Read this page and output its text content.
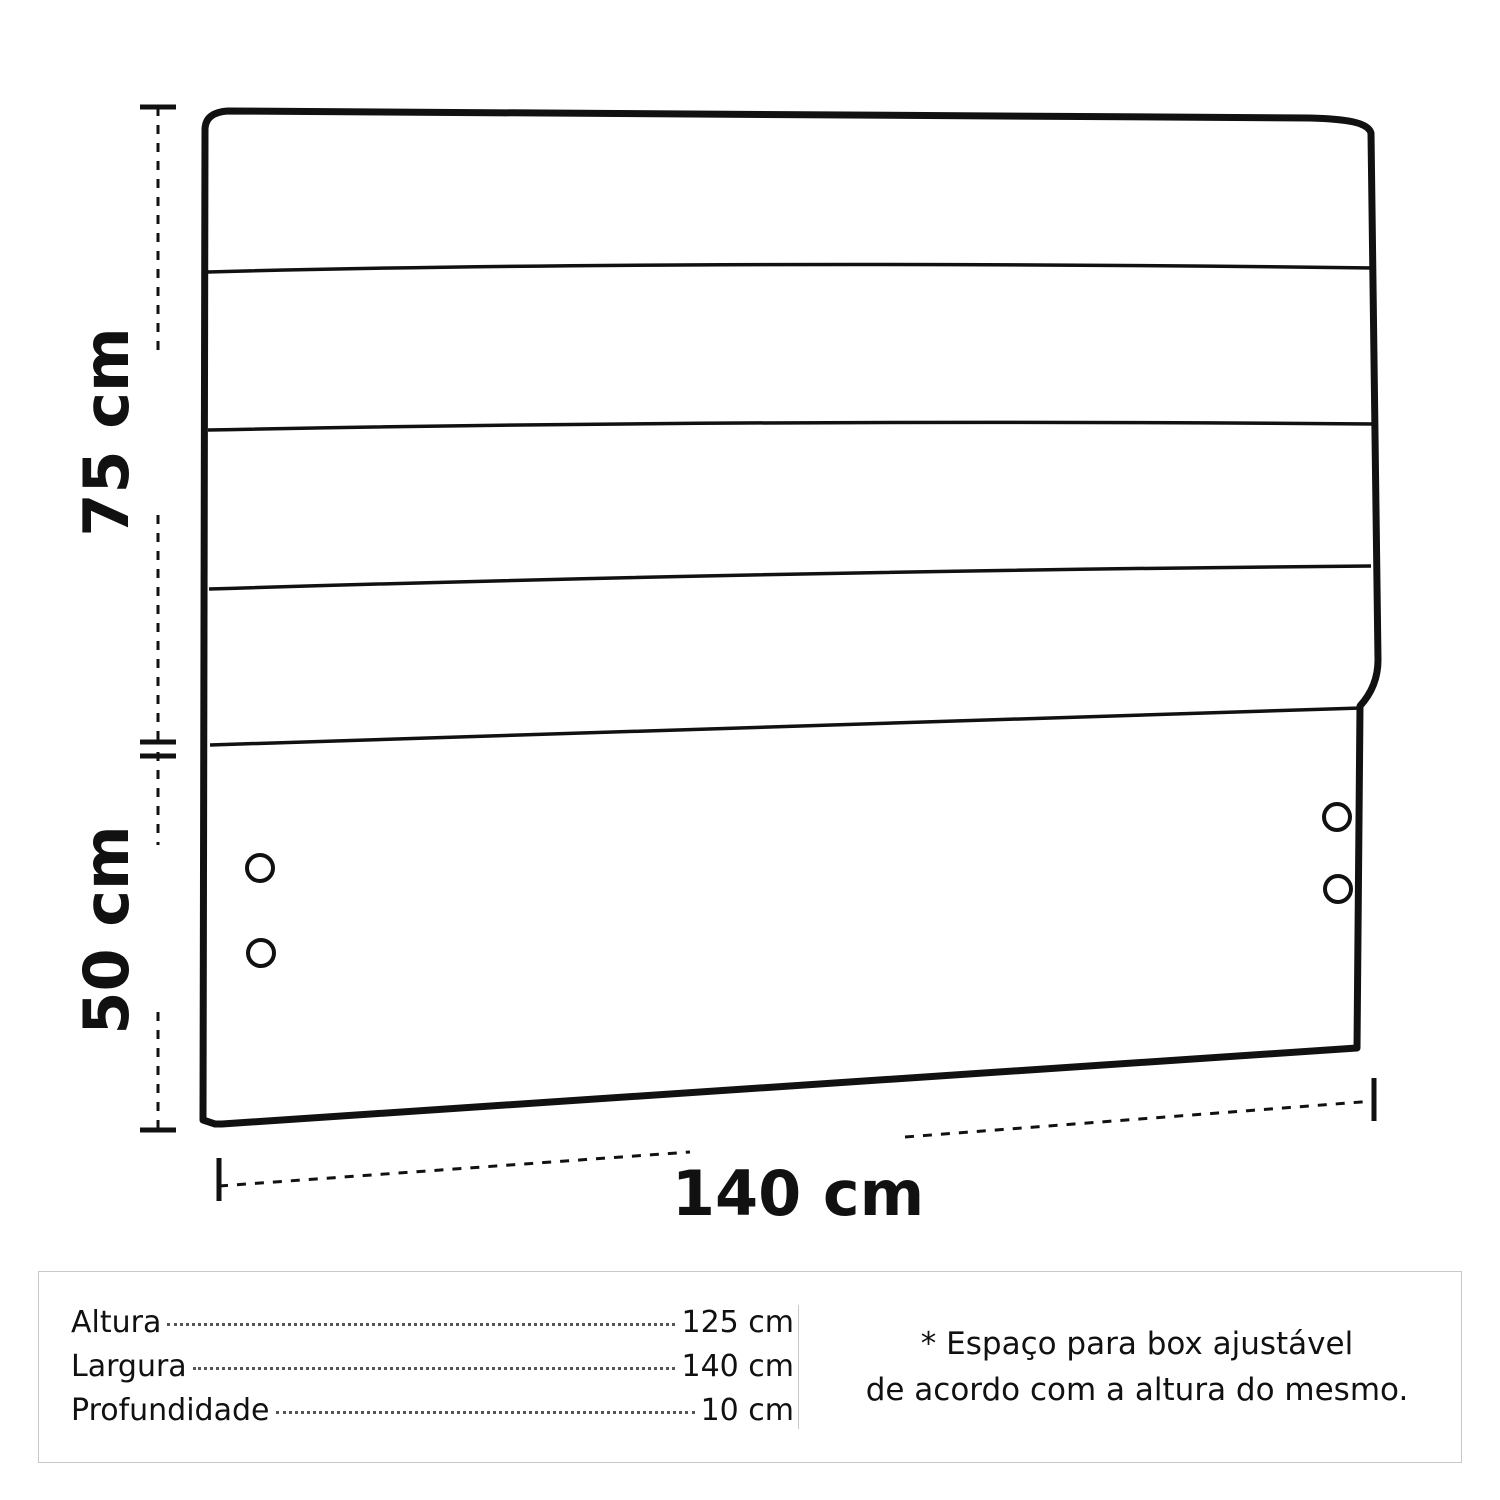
75 cm
50 cm
140 cm
Altura	125 cm
Largura	140 cm
Profundidade	10 cm
* Espaço para box ajustável
de acordo com a altura do mesmo.
